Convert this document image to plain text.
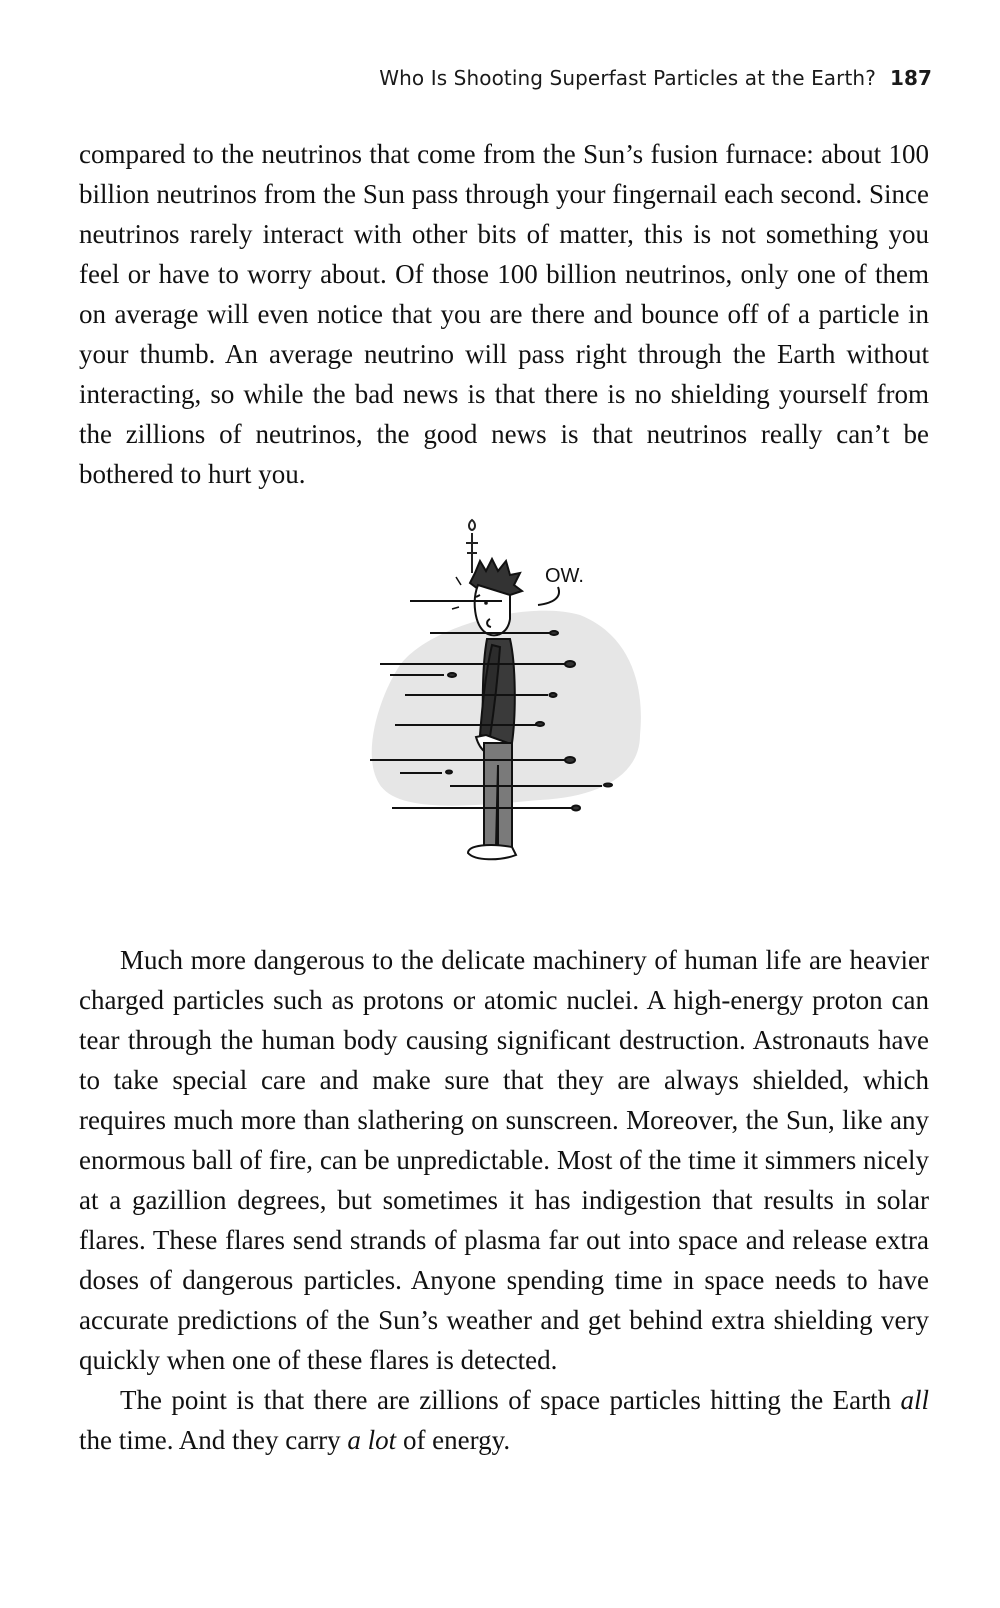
Who Is Shooting Superfast Particles at the Earth? 187

compared to the neutrinos that come from the Sun’s fusion furnace: about 100 billion neutrinos from the Sun pass through your fingernail each second. Since neutrinos rarely interact with other bits of matter, this is not something you feel or have to worry about. Of those 100 billion neutrinos, only one of them on average will even notice that you are there and bounce off of a particle in your thumb. An average neutrino will pass right through the Earth without interacting, so while the bad news is that there is no shielding yourself from the zillions of neutrinos, the good news is that neutrinos really can’t be bothered to hurt you.

OW.

Much more dangerous to the delicate machinery of human life are heavier charged particles such as protons or atomic nuclei. A high-energy proton can tear through the human body causing significant destruction. Astronauts have to take special care and make sure that they are always shielded, which requires much more than slathering on sunscreen. Moreover, the Sun, like any enormous ball of fire, can be unpredictable. Most of the time it simmers nicely at a gazillion degrees, but sometimes it has indigestion that results in solar flares. These flares send strands of plasma far out into space and release extra doses of dangerous particles. Anyone spending time in space needs to have accurate predictions of the Sun’s weather and get behind extra shielding very quickly when one of these flares is detected.

The point is that there are zillions of space particles hitting the Earth all the time. And they carry a lot of energy.
